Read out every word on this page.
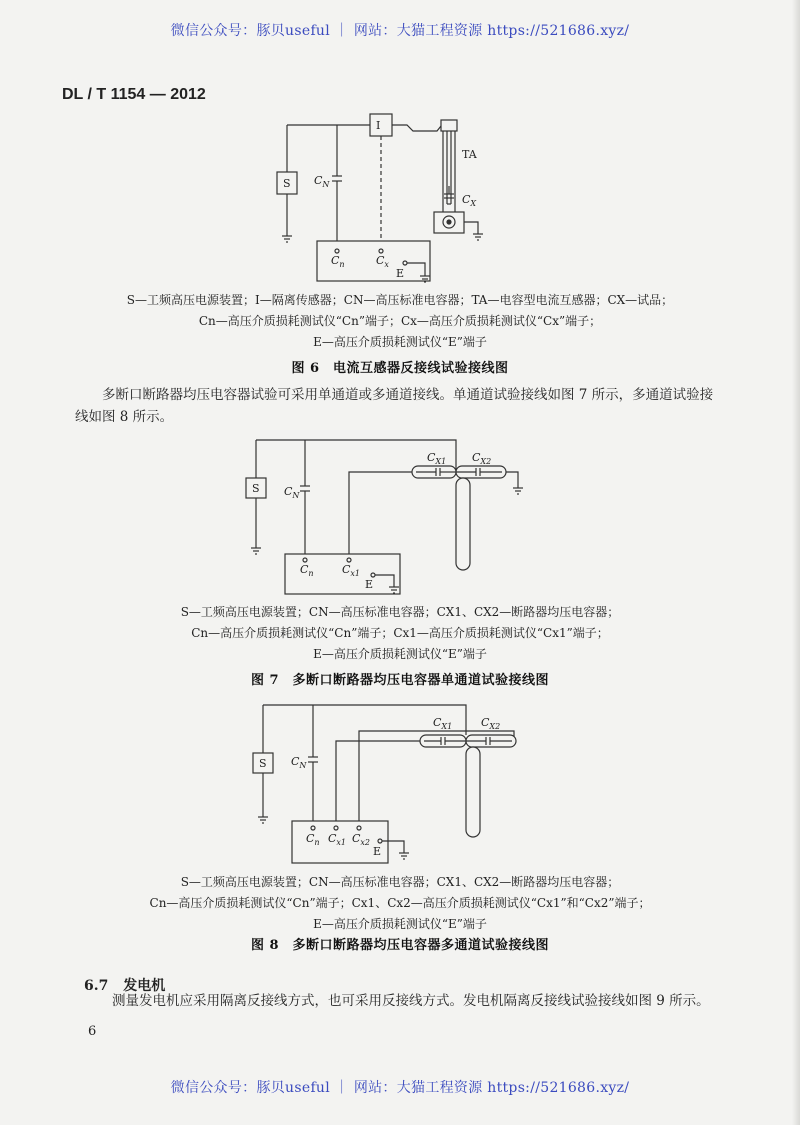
微信公众号：豚贝useful ｜ 网站：大猫工程资源 https://521686.xyz/
DL / T 1154 — 2012
I
S
TA
$C_N$
$C_X$
$C_n$	$C_x$
E
S—工频高压电源装置；I—隔离传感器；CN—高压标准电容器；TA—电容型电流互感器；CX—试品；
Cn—高压介质损耗测试仪“Cn”端子；Cx—高压介质损耗测试仪“Cx”端子；
E—高压介质损耗测试仪“E”端子
图 6　电流互感器反接线试验接线图
多断口断路器均压电容器试验可采用单通道或多通道接线。单通道试验接线如图 7 所示，多通道试验接线如图 8 所示。
S $C_N$
$C_{X1}$ $C_{X2}$
$C_n$	$C_{x1}$
E
S—工频高压电源装置；CN—高压标准电容器；CX1、CX2—断路器均压电容器；
Cn—高压介质损耗测试仪“Cn”端子；Cx1—高压介质损耗测试仪“Cx1”端子；
E—高压介质损耗测试仪“E”端子
图 7　多断口断路器均压电容器单通道试验接线图
S $C_N$
$C_{X1}$	$C_{X2}$
$C_n$ $C_{x1}$ $C_{x2}$
E
S—工频高压电源装置；CN—高压标准电容器；CX1、CX2—断路器均压电容器；
Cn—高压介质损耗测试仪“Cn”端子；Cx1、Cx2—高压介质损耗测试仪“Cx1”和“Cx2”端子；
E—高压介质损耗测试仪“E”端子
图 8　多断口断路器均压电容器多通道试验接线图
6.7 发电机
测量发电机应采用隔离反接线方式，也可采用反接线方式。发电机隔离反接线试验接线如图 9 所示。
6
微信公众号：豚贝useful ｜ 网站：大猫工程资源 https://521686.xyz/
